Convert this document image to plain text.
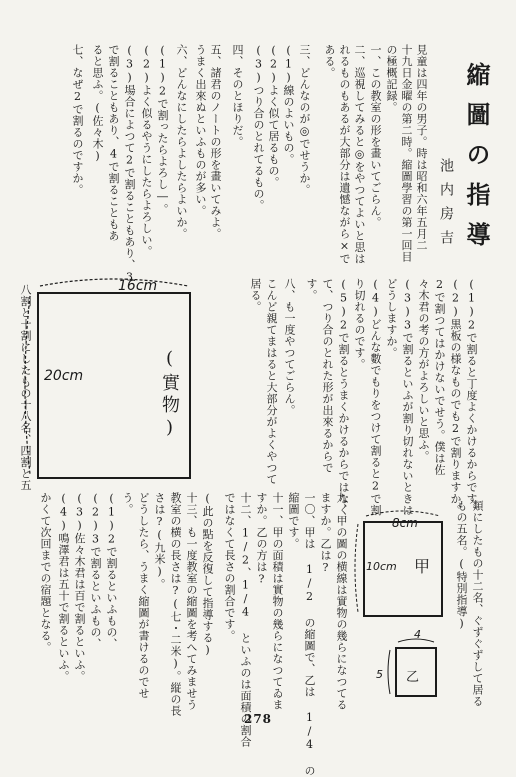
縮圖の指導
池内房吉
見童は四年の男子。時は昭和六年五月二
十九日金曜の第二時。縮圖學習の第一回目
の極概記録。
一、この教室の形を畫いてごらん。
二、巡視してみると◎をやつてよいと思は
れるものもあるが大部分は遺憾ながら×で
ある。
三、どんなのが◎でせうか。
(1)線のよいもの。
(2)よく似て居るもの。
(3)つり合のとれてるもの。
四、そのとほりだ。
五、諸君のノートの形を畫いてみよ。
うまく出來ぬといふものが多い。
六、どんなにしたらよしたらよいか。
(1)2で割ったらよろし―。
(2)よく似るやうにしたらよろしい。
(3)場合によつて2で割ることもあり、3
で割ることもあり、4で割ることもあ
ると思ふ。(佐々木)
七、なぜ2で割るのですか。
(1)2で割ると丁度よくかけるからです。
(2)黒板の様なものでも2で割りますか。
2で割つてはかけないでせう。僕は佐
々木君の考の方がよろしいと思ふ。
(3)3で割るといふが割り切れないときは
どうしますか。
(4)どんな數でもりをつけて割ると2で割
り切れるのです。
(5)2で割るとうまくかけるからではなく
て、つり合のとれた形が出來るからで
す。
八、も一度やつてごらん。
こんど親てまはると大部分がよくやつて
居る。
16cm
20cm	(實物)
八割と十割にしたもの十八名、四割と五
類にしたもの十二名、ぐずぐずして居る
もの五名。(特別指導)
九、甲の圖の横線は實物の幾らになつてる
ますか。乙は?
一〇、甲は 1/2 の縮圖で、乙は 1/4 の
縮圖です。
十一、甲の面積は實物の幾らになつてゐま
すか。乙の方は?
十二、1/2、1/4 といふのは面積の割合
ではなくて長さの割合です。
(此の點を反復して指導する)
十三、も一度教室の縮圖を考へてみませう
教室の横の長さは?(七・二米)。縦の長
さは?(九米)。
どうしたら、うまく縮圖が書けるのでせ
う。
(1)2で割るといふもの、
(2)3で割るといふもの、
(3)佐々木君は百で割るといふ。
(4)鳴澤君は五十で割るといふ。
かくて次回までの宿題となる。	8cm
10cm 甲
4
5 乙
278
